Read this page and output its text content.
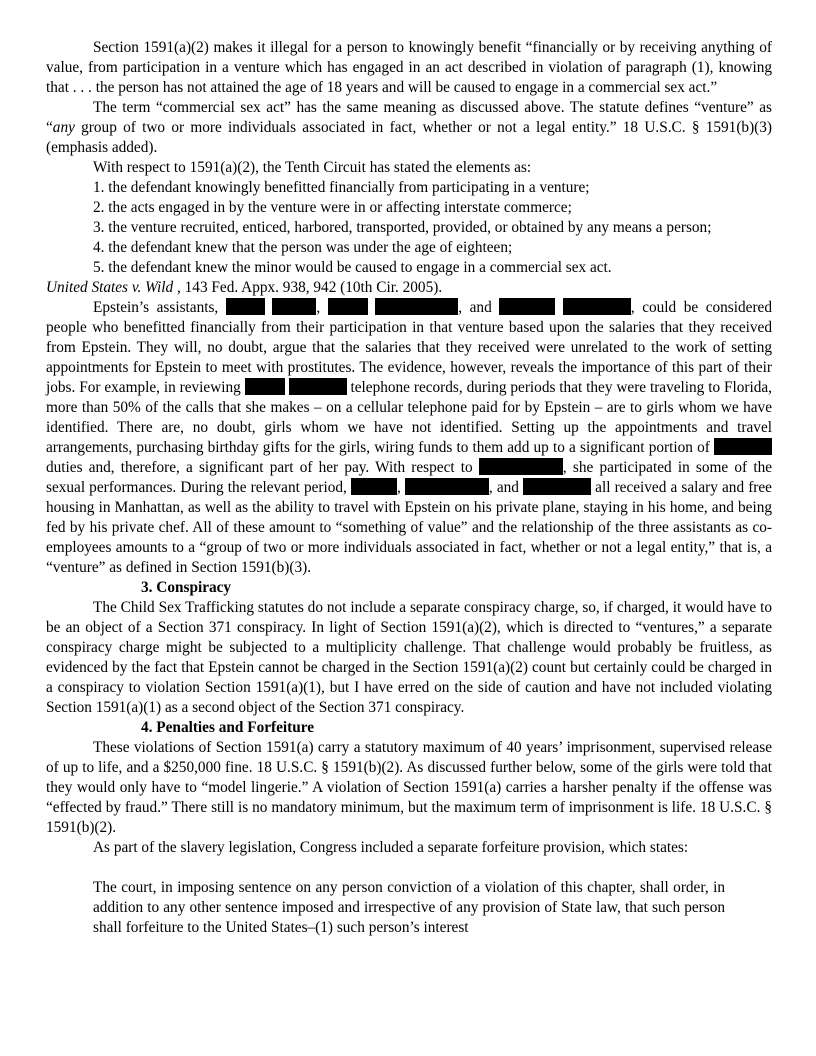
Section 1591(a)(2) makes it illegal for a person to knowingly benefit “financially or by receiving anything of value, from participation in a venture which has engaged in an act described in violation of paragraph (1), knowing that . . . the person has not attained the age of 18 years and will be caused to engage in a commercial sex act.”

The term “commercial sex act” has the same meaning as discussed above. The statute defines “venture” as “any group of two or more individuals associated in fact, whether or not a legal entity.” 18 U.S.C. § 1591(b)(3) (emphasis added).

With respect to 1591(a)(2), the Tenth Circuit has stated the elements as:

1. the defendant knowingly benefitted financially from participating in a venture;

2. the acts engaged in by the venture were in or affecting interstate commerce;

3. the venture recruited, enticed, harbored, transported, provided, or obtained by any means a person;

4. the defendant knew that the person was under the age of eighteen;

5. the defendant knew the minor would be caused to engage in a commercial sex act.

United States v. Wild , 143 Fed. Appx. 938, 942 (10th Cir. 2005).

Epstein’s assistants,	,	, and	, could be considered people who benefitted financially from their participation in that venture based upon the salaries that they received from Epstein. They will, no doubt, argue that the salaries that they received were unrelated to the work of setting appointments for Epstein to meet with prostitutes. The evidence, however, reveals the importance of this part of their jobs. For example, in reviewing	telephone records, during periods that they were traveling to Florida, more than 50% of the calls that she makes – on a cellular telephone paid for by Epstein – are to girls whom we have identified. There are, no doubt, girls whom we have not identified. Setting up the appointments and travel arrangements, purchasing birthday gifts for the girls, wiring funds to them add up to a significant portion of  duties and, therefore, a significant part of her pay. With respect to	, she participated in some of the sexual performances. During the relevant period,	,	, and	all received a salary and free housing in Manhattan, as well as the ability to travel with Epstein on his private plane, staying in his home, and being fed by his private chef. All of these amount to “something of value” and the relationship of the three assistants as co-employees amounts to a “group of two or more individuals associated in fact, whether or not a legal entity,” that is, a “venture” as defined in Section 1591(b)(3).

3. Conspiracy

The Child Sex Trafficking statutes do not include a separate conspiracy charge, so, if charged, it would have to be an object of a Section 371 conspiracy. In light of Section 1591(a)(2), which is directed to “ventures,” a separate conspiracy charge might be subjected to a multiplicity challenge. That challenge would probably be fruitless, as evidenced by the fact that Epstein cannot be charged in the Section 1591(a)(2) count but certainly could be charged in a conspiracy to violation Section 1591(a)(1), but I have erred on the side of caution and have not included violating Section 1591(a)(1) as a second object of the Section 371 conspiracy.

4. Penalties and Forfeiture

These violations of Section 1591(a) carry a statutory maximum of 40 years’ imprisonment, supervised release of up to life, and a $250,000 fine. 18 U.S.C. § 1591(b)(2). As discussed further below, some of the girls were told that they would only have to “model lingerie.” A violation of Section 1591(a) carries a harsher penalty if the offense was “effected by fraud.” There still is no mandatory minimum, but the maximum term of imprisonment is life. 18 U.S.C. § 1591(b)(2).

As part of the slavery legislation, Congress included a separate forfeiture provision, which states:

The court, in imposing sentence on any person conviction of a violation of this chapter, shall order, in addition to any other sentence imposed and irrespective of any provision of State law, that such person shall forfeiture to the United States–(1) such person’s interest
